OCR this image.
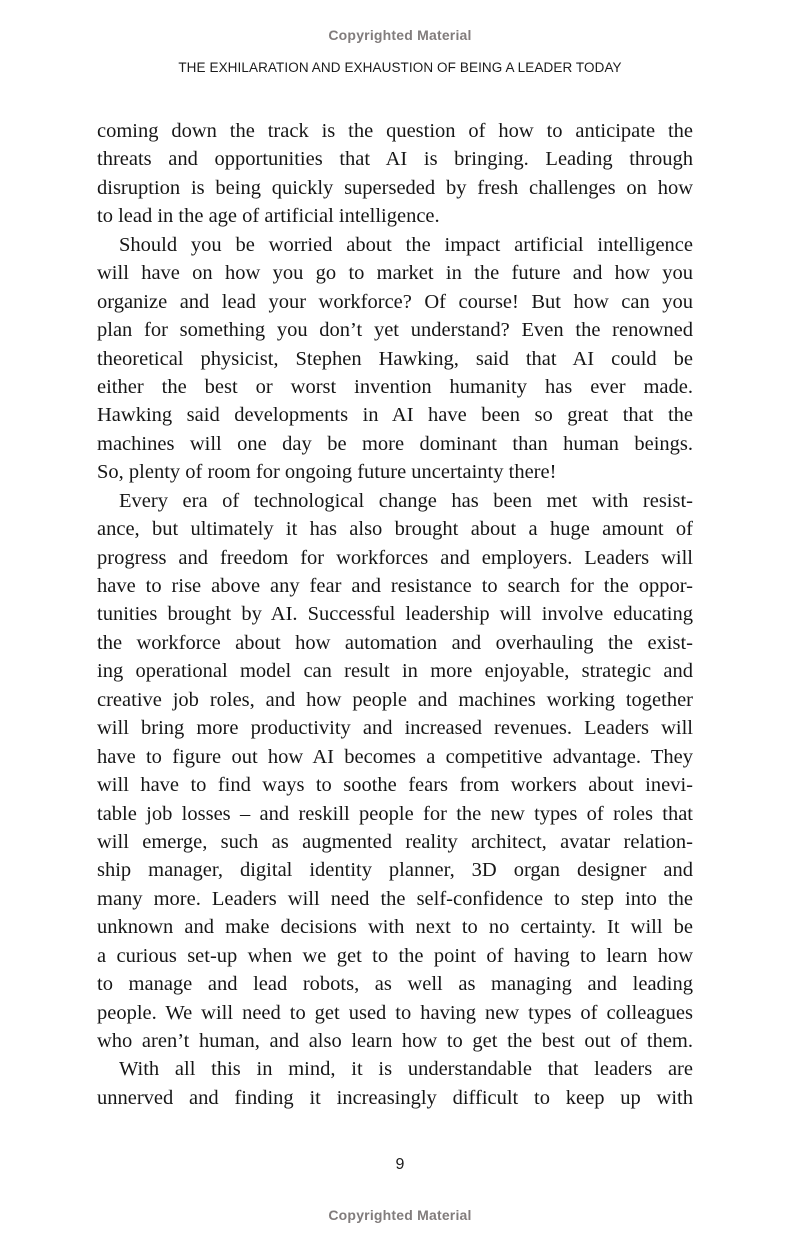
Copyrighted Material
THE EXHILARATION AND EXHAUSTION OF BEING A LEADER TODAY
coming down the track is the question of how to anticipate the
threats and opportunities that AI is bringing. Leading through
disruption is being quickly superseded by fresh challenges on how
to lead in the age of artificial intelligence.
Should you be worried about the impact artificial intelligence
will have on how you go to market in the future and how you
organize and lead your workforce? Of course! But how can you
plan for something you don’t yet understand? Even the renowned
theoretical physicist, Stephen Hawking, said that AI could be
either the best or worst invention humanity has ever made.
Hawking said developments in AI have been so great that the
machines will one day be more dominant than human beings.
So, plenty of room for ongoing future uncertainty there!
Every era of technological change has been met with resist-
ance, but ultimately it has also brought about a huge amount of
progress and freedom for workforces and employers. Leaders will
have to rise above any fear and resistance to search for the oppor-
tunities brought by AI. Successful leadership will involve educating
the workforce about how automation and overhauling the exist-
ing operational model can result in more enjoyable, strategic and
creative job roles, and how people and machines working together
will bring more productivity and increased revenues. Leaders will
have to figure out how AI becomes a competitive advantage. They
will have to find ways to soothe fears from workers about inevi-
table job losses – and reskill people for the new types of roles that
will emerge, such as augmented reality architect, avatar relation-
ship manager, digital identity planner, 3D organ designer and
many more. Leaders will need the self-confidence to step into the
unknown and make decisions with next to no certainty. It will be
a curious set-up when we get to the point of having to learn how
to manage and lead robots, as well as managing and leading
people. We will need to get used to having new types of colleagues
who aren’t human, and also learn how to get the best out of them.
With all this in mind, it is understandable that leaders are
unnerved and finding it increasingly difficult to keep up with
9
Copyrighted Material
